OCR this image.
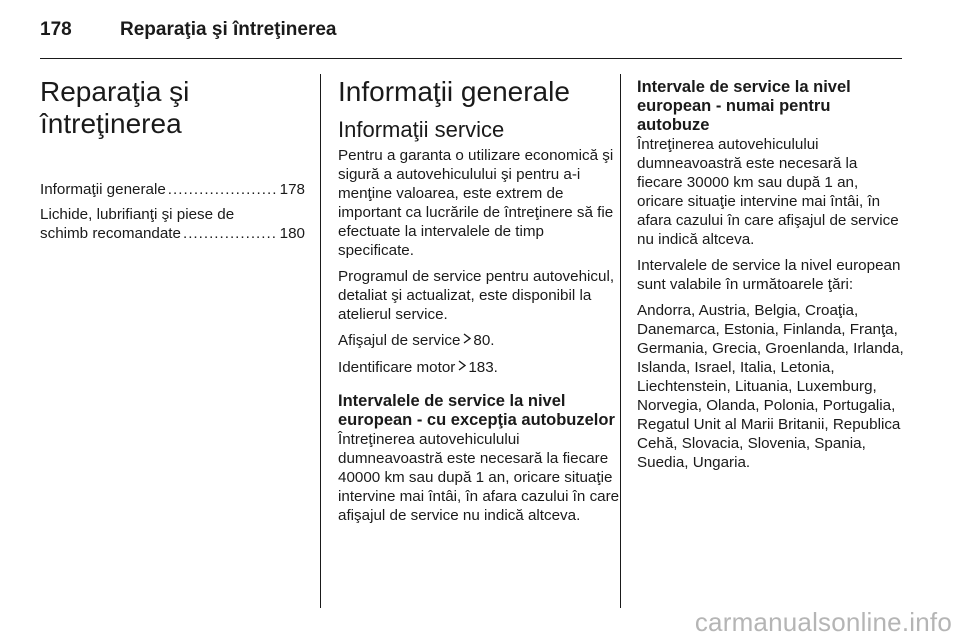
178	Reparaţia şi întreţinerea
Reparaţia şi
întreţinerea
Informaţii generale .....	178
Lichide, lubrifianţi şi piese de
schimb recomandate .....	180
Informaţii generale
Informaţii service

Pentru a garanta o utilizare economică şi sigură a autovehiculului şi pentru a-i menţine valoarea, este extrem de important ca lucrările de întreţinere să fie efectuate la intervalele de timp specificate.

Programul de service pentru autovehicul, detaliat şi actualizat, este disponibil la atelierul service.

Afişajul de service 80.

Identificare motor 183.

Intervalele de service la nivel european - cu excepţia autobuzelor

Întreţinerea autovehiculului dumneavoastră este necesară la fiecare 40000 km sau după 1 an, oricare situaţie intervine mai întâi, în afara cazului în care afişajul de service nu indică altceva.

Intervale de service la nivel european - numai pentru autobuze

Întreţinerea autovehiculului dumneavoastră este necesară la fiecare 30000 km sau după 1 an, oricare situaţie intervine mai întâi, în afara cazului în care afişajul de service nu indică altceva.

Intervalele de service la nivel european sunt valabile în următoarele ţări:

Andorra, Austria, Belgia, Croaţia, Danemarca, Estonia, Finlanda, Franţa, Germania, Grecia, Groenlanda, Irlanda, Islanda, Israel, Italia, Letonia, Liechtenstein, Lituania, Luxemburg, Norvegia, Olanda, Polonia, Portugalia, Regatul Unit al Marii Britanii, Republica Cehă, Slovacia, Slovenia, Spania, Suedia, Ungaria.

carmanualsonline.info
